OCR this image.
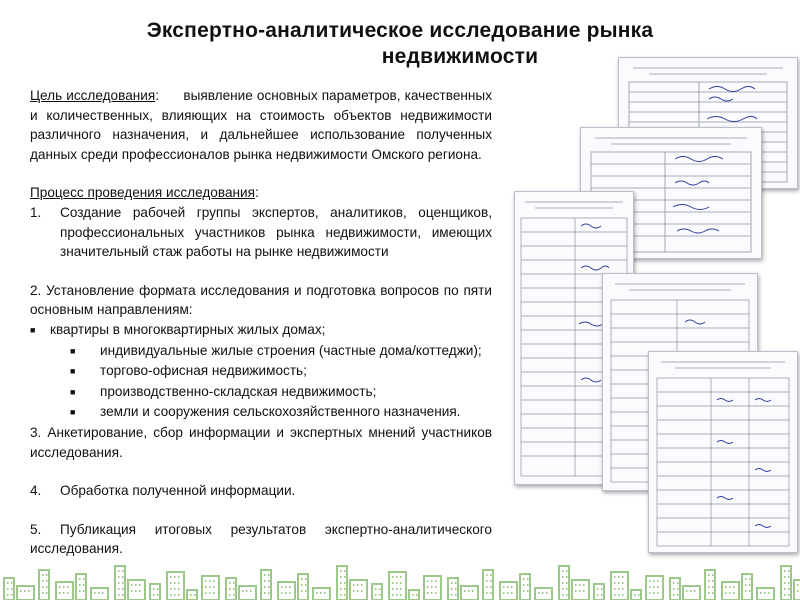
Экспертно-аналитическое исследование рынка
недвижимости
Цель исследования: выявление основных параметров, качественных и количественных, влияющих на стоимость объектов недвижимости различного назначения, и дальнейшее использование полученных данных среди профессионалов рынка недвижимости Омского региона.
Процесс проведения исследования:
1.	Создание рабочей группы экспертов, аналитиков, оценщиков, профессиональных участников рынка недвижимости, имеющих значительный стаж работы на рынке недвижимости
2. Установление формата исследования и подготовка вопросов по пяти основным направлениям:
■	квартиры в многоквартирных жилых домах;
■	индивидуальные жилые строения (частные дома/коттеджи);
■	торгово-офисная недвижимость;
■	производственно-складская недвижимость;
■	земли и сооружения сельскохозяйственного назначения.
3. Анкетирование, сбор информации и экспертных мнений участников исследования.
4.	Обработка полученной информации.
5. Публикация итоговых результатов экспертно-аналитического исследования.
